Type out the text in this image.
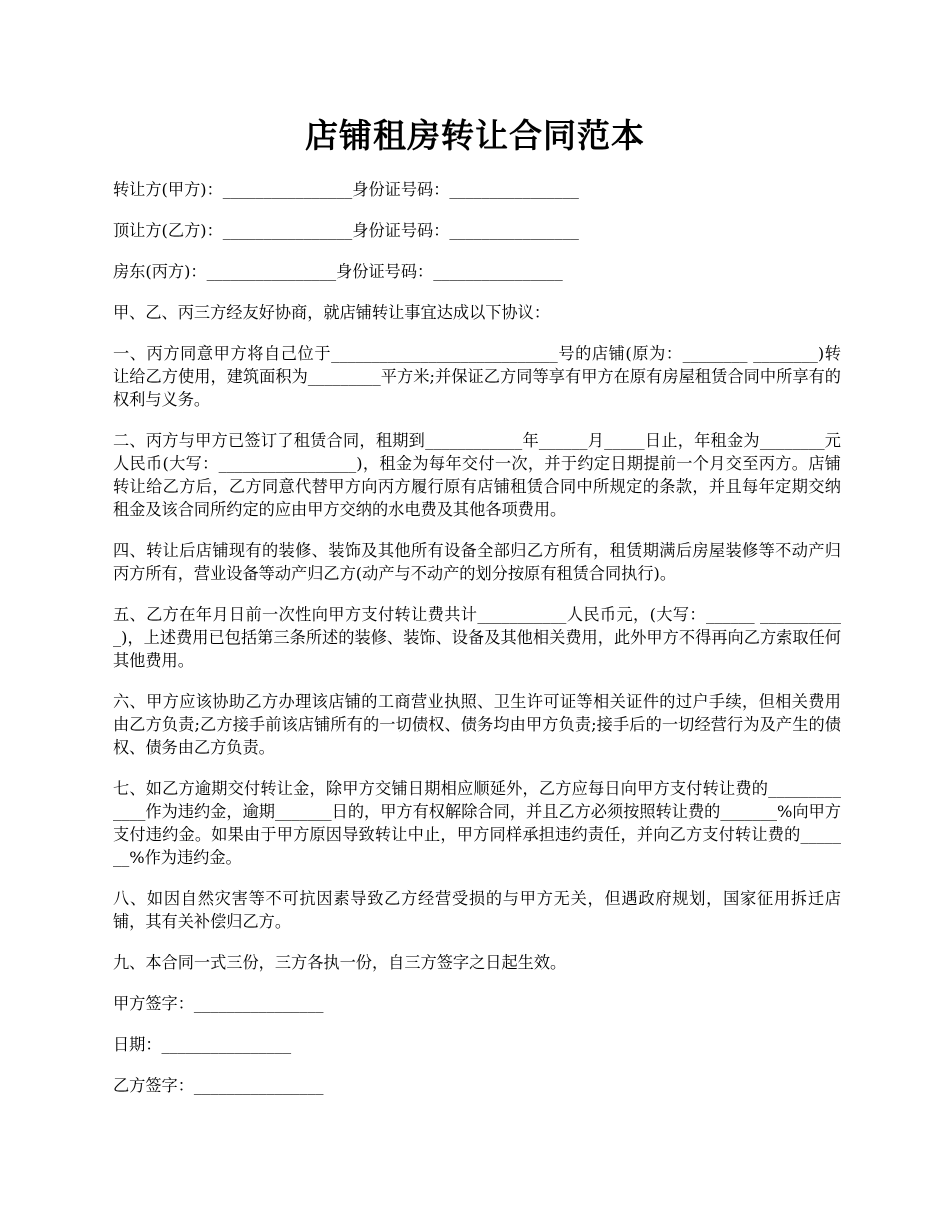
店铺租房转让合同范本

转让方(甲方)：________________身份证号码：________________

顶让方(乙方)：________________身份证号码：________________

房东(丙方)：________________身份证号码：________________

甲、乙、丙三方经友好协商，就店铺转让事宜达成以下协议：

一、丙方同意甲方将自己位于____________________________号的店铺(原为：________ ________)转让给乙方使用，建筑面积为_________平方米;并保证乙方同等享有甲方在原有房屋租赁合同中所享有的权利与义务。

二、丙方与甲方已签订了租赁合同，租期到____________年______月_____日止，年租金为________元人民币(大写：_________________)，租金为每年交付一次，并于约定日期提前一个月交至丙方。店铺转让给乙方后，乙方同意代替甲方向丙方履行原有店铺租赁合同中所规定的条款，并且每年定期交纳租金及该合同所约定的应由甲方交纳的水电费及其他各项费用。

四、转让后店铺现有的装修、装饰及其他所有设备全部归乙方所有，租赁期满后房屋装修等不动产归丙方所有，营业设备等动产归乙方(动产与不动产的划分按原有租赁合同执行)。

五、乙方在年月日前一次性向甲方支付转让费共计___________人民币元，(大写：______ ___________)，上述费用已包括第三条所述的装修、装饰、设备及其他相关费用，此外甲方不得再向乙方索取任何其他费用。

六、甲方应该协助乙方办理该店铺的工商营业执照、卫生许可证等相关证件的过户手续，但相关费用由乙方负责;乙方接手前该店铺所有的一切债权、债务均由甲方负责;接手后的一切经营行为及产生的债权、债务由乙方负责。

七、如乙方逾期交付转让金，除甲方交铺日期相应顺延外，乙方应每日向甲方支付转让费的_____________作为违约金，逾期_______日的，甲方有权解除合同，并且乙方必须按照转让费的_______%向甲方支付违约金。如果由于甲方原因导致转让中止，甲方同样承担违约责任，并向乙方支付转让费的_______%作为违约金。

八、如因自然灾害等不可抗因素导致乙方经营受损的与甲方无关，但遇政府规划，国家征用拆迁店铺，其有关补偿归乙方。

九、本合同一式三份，三方各执一份，自三方签字之日起生效。

甲方签字：________________

日期：________________

乙方签字：________________
